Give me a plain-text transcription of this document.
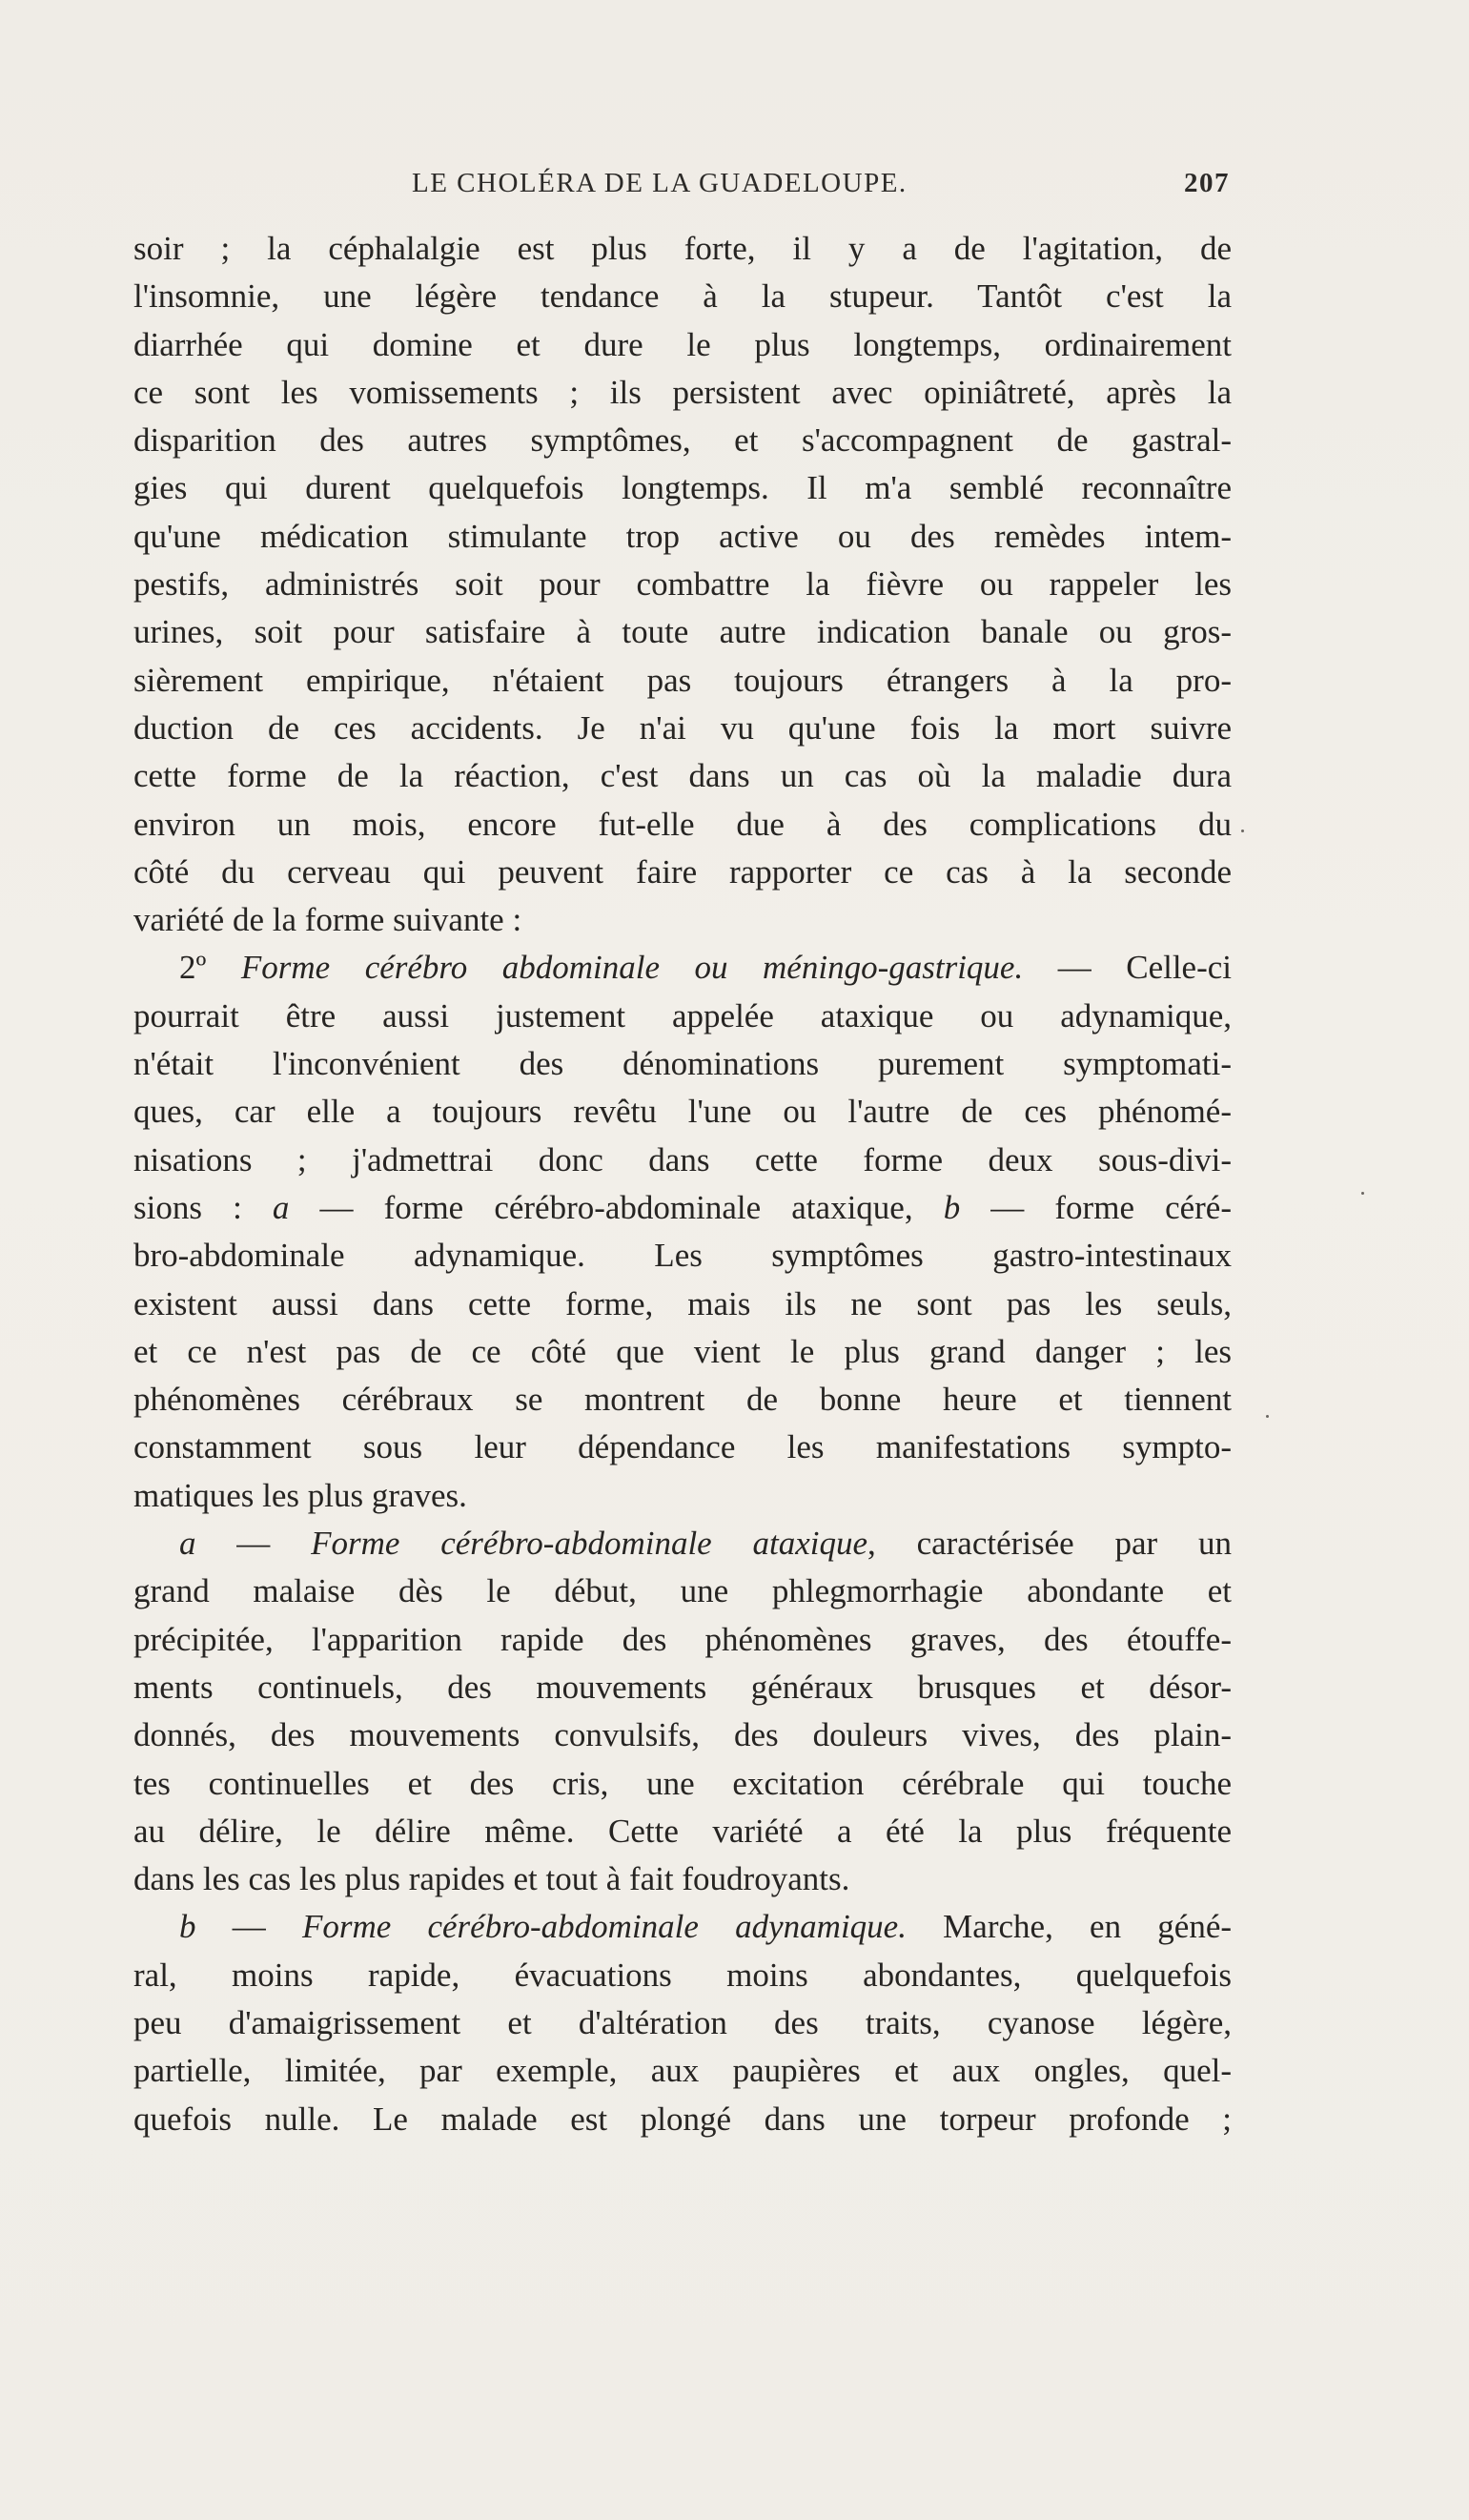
LE CHOLÉRA DE LA GUADELOUPE.	207
soir ; la céphalalgie est plus forte, il y a de l'agitation, de
l'insomnie, une légère tendance à la stupeur. Tantôt c'est la
diarrhée qui domine et dure le plus longtemps, ordinairement
ce sont les vomissements ; ils persistent avec opiniâtreté, après la
disparition des autres symptômes, et s'accompagnent de gastral-
gies qui durent quelquefois longtemps. Il m'a semblé reconnaître
qu'une médication stimulante trop active ou des remèdes intem-
pestifs, administrés soit pour combattre la fièvre ou rappeler les
urines, soit pour satisfaire à toute autre indication banale ou gros-
sièrement empirique, n'étaient pas toujours étrangers à la pro-
duction de ces accidents. Je n'ai vu qu'une fois la mort suivre
cette forme de la réaction, c'est dans un cas où la maladie dura
environ un mois, encore fut-elle due à des complications du
côté du cerveau qui peuvent faire rapporter ce cas à la seconde
variété de la forme suivante :
2º Forme cérébro abdominale ou méningo-gastrique. — Celle-ci
pourrait être aussi justement appelée ataxique ou adynamique,
n'était l'inconvénient des dénominations purement symptomati-
ques, car elle a toujours revêtu l'une ou l'autre de ces phénomé-
nisations ; j'admettrai donc dans cette forme deux sous-divi-
sions : a — forme cérébro-abdominale ataxique, b — forme céré-
bro-abdominale adynamique. Les symptômes gastro-intestinaux
existent aussi dans cette forme, mais ils ne sont pas les seuls,
et ce n'est pas de ce côté que vient le plus grand danger ; les
phénomènes cérébraux se montrent de bonne heure et tiennent
constamment sous leur dépendance les manifestations sympto-
matiques les plus graves.
a — Forme cérébro-abdominale ataxique, caractérisée par un
grand malaise dès le début, une phlegmorrhagie abondante et
précipitée, l'apparition rapide des phénomènes graves, des étouffe-
ments continuels, des mouvements généraux brusques et désor-
donnés, des mouvements convulsifs, des douleurs vives, des plain-
tes continuelles et des cris, une excitation cérébrale qui touche
au délire, le délire même. Cette variété a été la plus fréquente
dans les cas les plus rapides et tout à fait foudroyants.
b — Forme cérébro-abdominale adynamique. Marche, en géné-
ral, moins rapide, évacuations moins abondantes, quelquefois
peu d'amaigrissement et d'altération des traits, cyanose légère,
partielle, limitée, par exemple, aux paupières et aux ongles, quel-
quefois nulle. Le malade est plongé dans une torpeur profonde ;
